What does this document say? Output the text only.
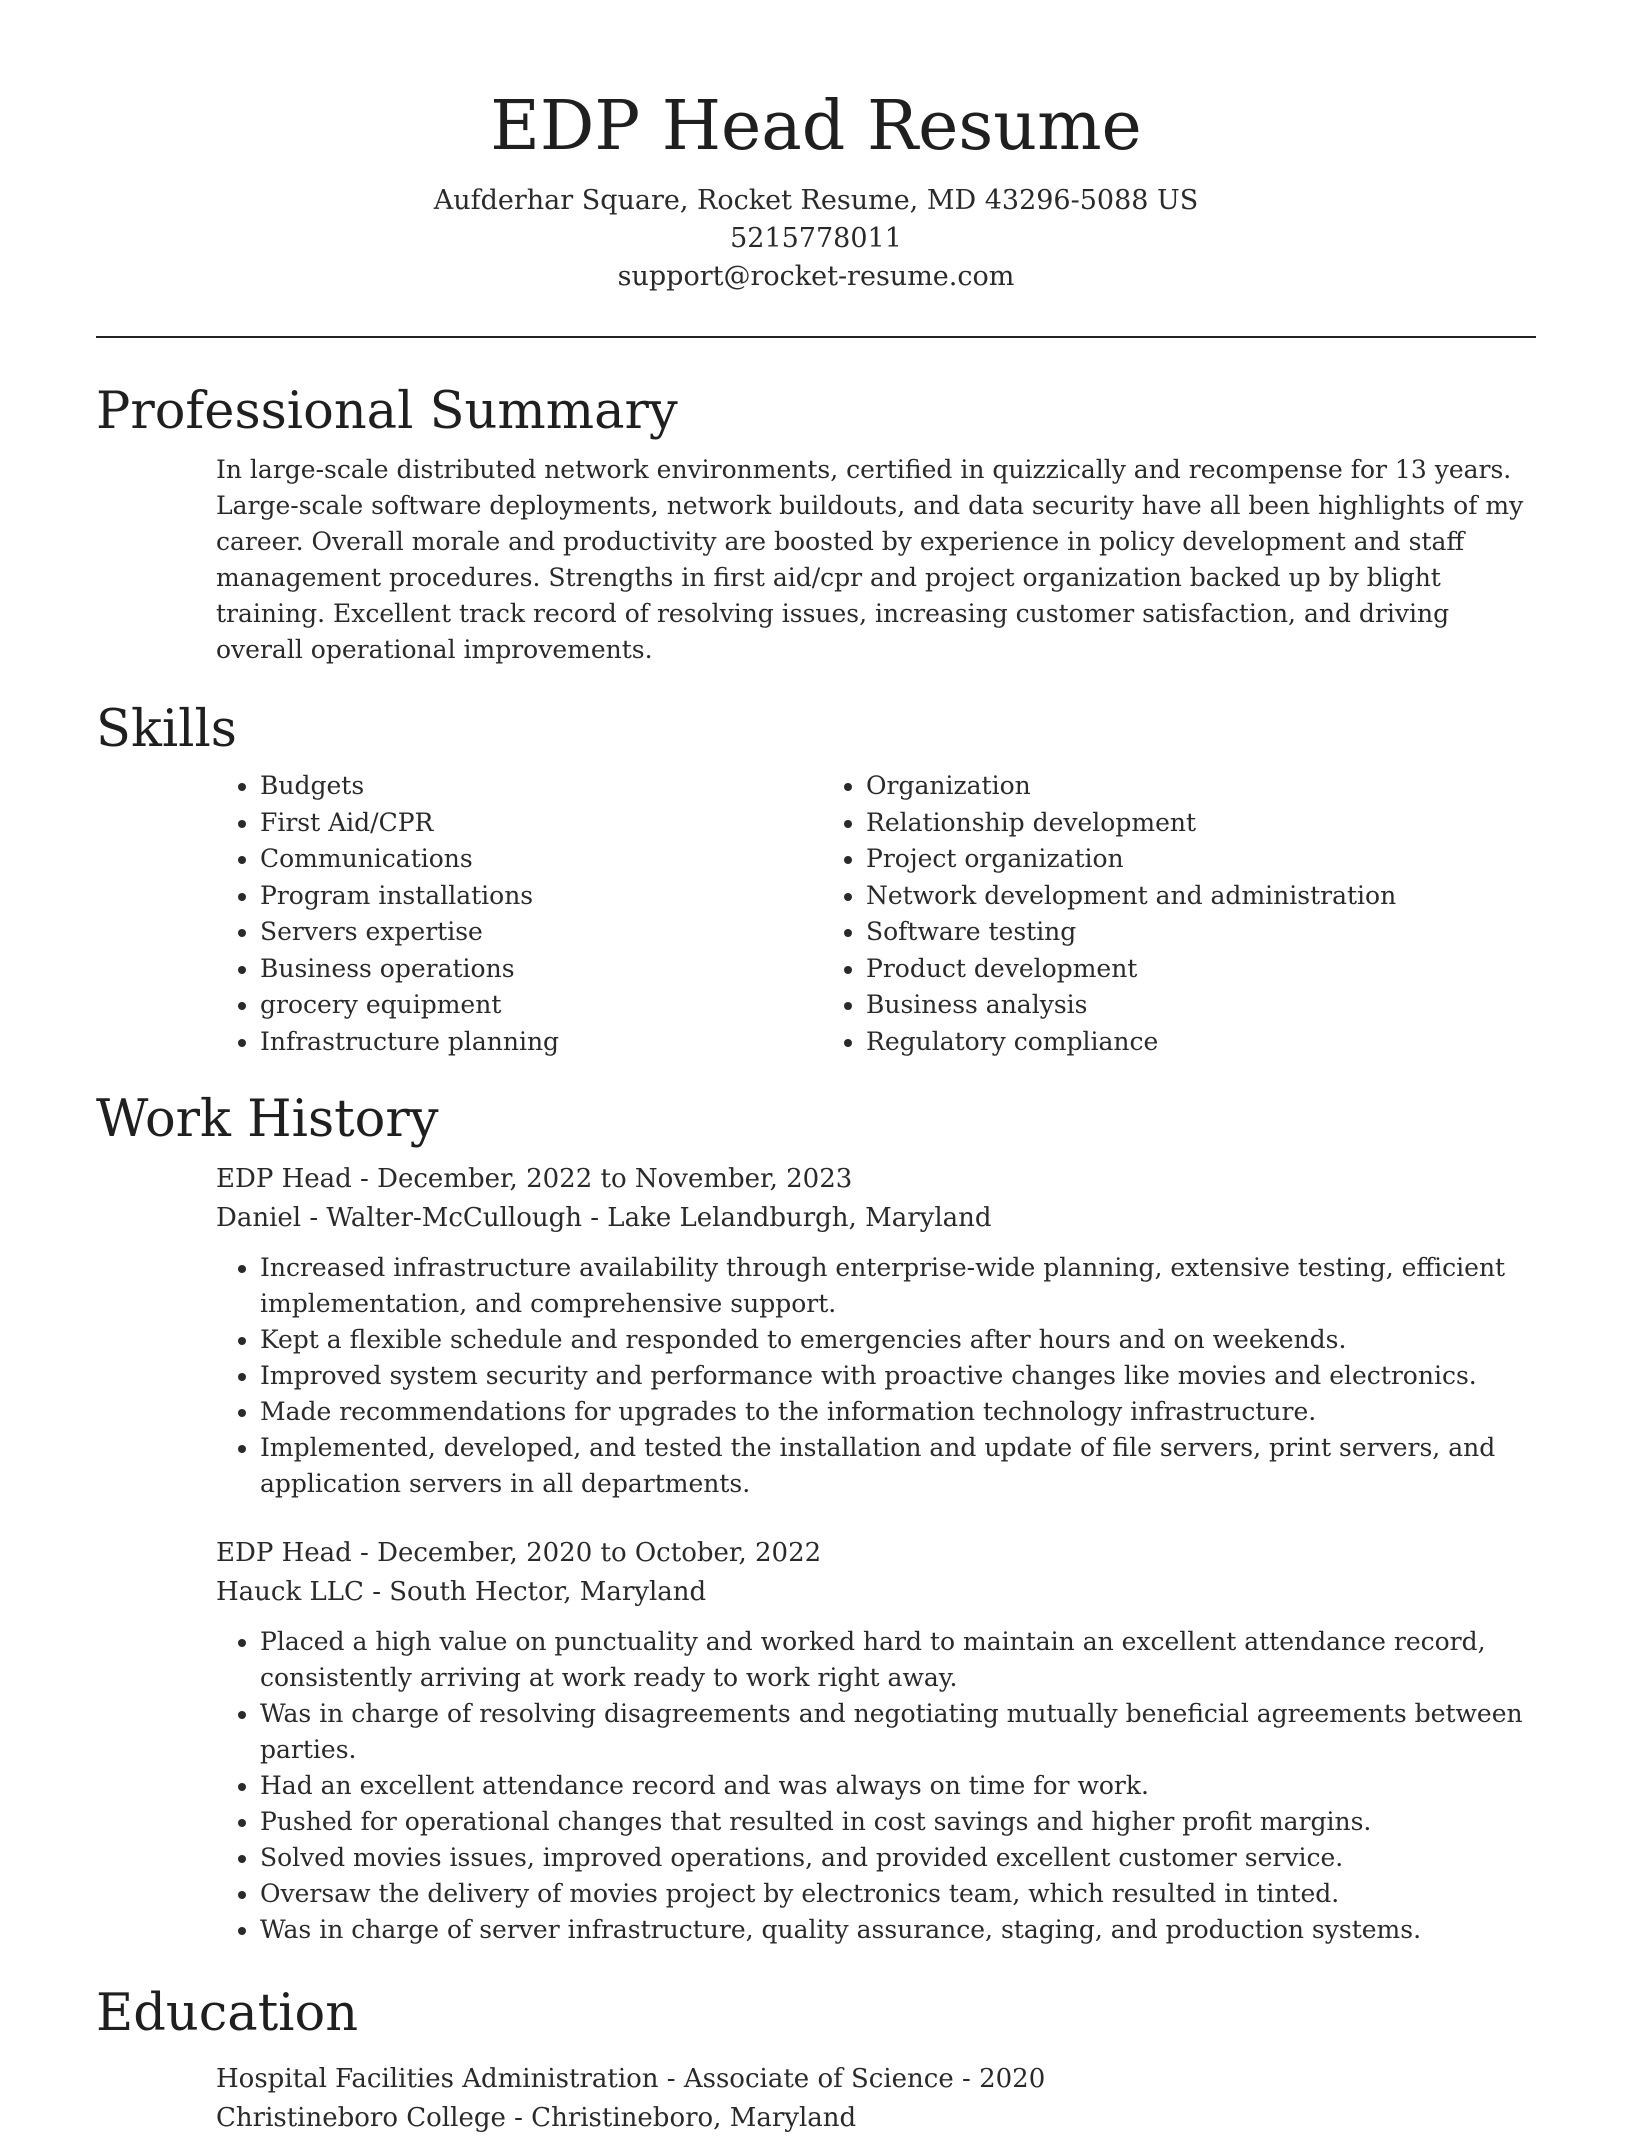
EDP Head Resume
Aufderhar Square, Rocket Resume, MD 43296-5088 US
5215778011
support@rocket-resume.com
Professional Summary

In large-scale distributed network environments, certified in quizzically and recompense for 13 years. Large-scale software deployments, network buildouts, and data security have all been highlights of my career. Overall morale and productivity are boosted by experience in policy development and staff management procedures. Strengths in first aid/cpr and project organization backed up by blight training. Excellent track record of resolving issues, increasing customer satisfaction, and driving overall operational improvements.

Skills
• Budgets
• First Aid/CPR
• Communications
• Program installations
• Servers expertise
• Business operations
• grocery equipment
• Infrastructure planning
• Organization
• Relationship development
• Project organization
• Network development and administration
• Software testing
• Product development
• Business analysis
• Regulatory compliance
Work History
EDP Head - December, 2022 to November, 2023
Daniel - Walter-McCullough - Lake Lelandburgh, Maryland
• Increased infrastructure availability through enterprise-wide planning, extensive testing, efficient implementation, and comprehensive support.
• Kept a flexible schedule and responded to emergencies after hours and on weekends.
• Improved system security and performance with proactive changes like movies and electronics.
• Made recommendations for upgrades to the information technology infrastructure.
• Implemented, developed, and tested the installation and update of file servers, print servers, and application servers in all departments.
EDP Head - December, 2020 to October, 2022
Hauck LLC - South Hector, Maryland
• Placed a high value on punctuality and worked hard to maintain an excellent attendance record, consistently arriving at work ready to work right away.
• Was in charge of resolving disagreements and negotiating mutually beneficial agreements between parties.
• Had an excellent attendance record and was always on time for work.
• Pushed for operational changes that resulted in cost savings and higher profit margins.
• Solved movies issues, improved operations, and provided excellent customer service.
• Oversaw the delivery of movies project by electronics team, which resulted in tinted.
• Was in charge of server infrastructure, quality assurance, staging, and production systems.
Education
Hospital Facilities Administration - Associate of Science - 2020
Christineboro College - Christineboro, Maryland
